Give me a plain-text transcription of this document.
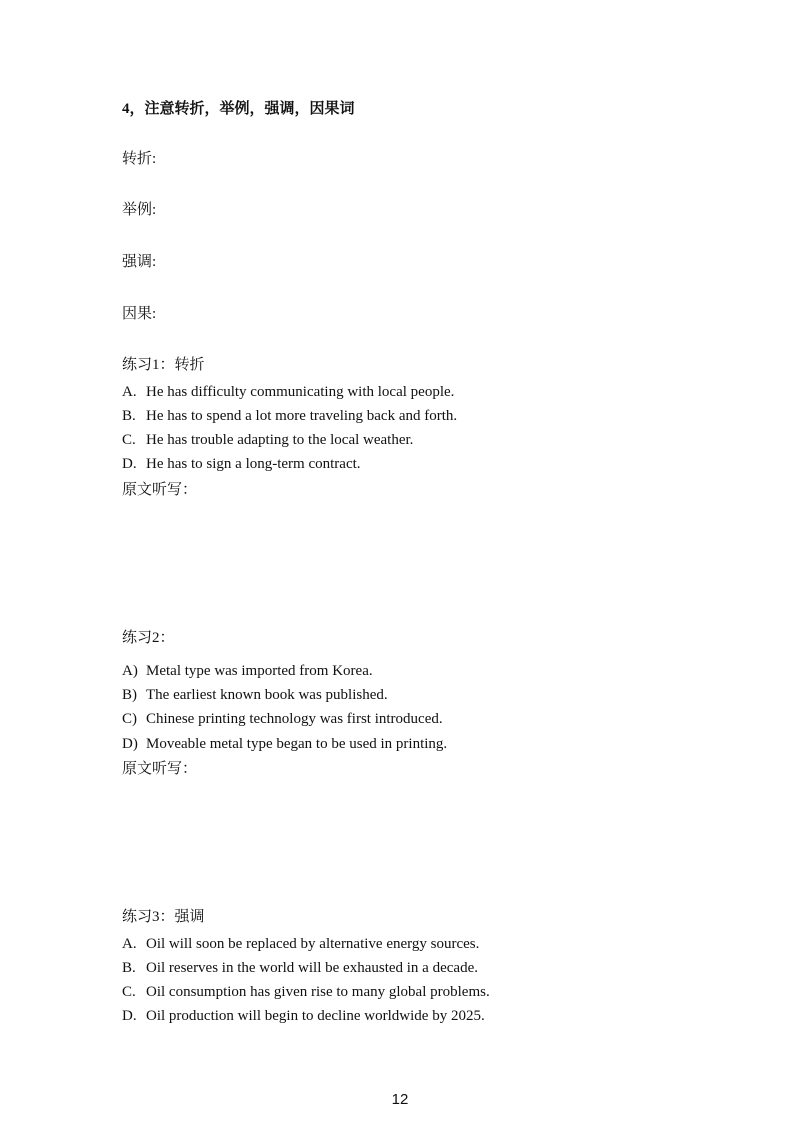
4，注意转折，举例，强调，因果词
转折:
举例:
强调:
因果:
练习1：转折
A. He has difficulty communicating with local people.
B. He has to spend a lot more traveling back and forth.
C. He has trouble adapting to the local weather.
D. He has to sign a long-term contract.
原文听写：
练习2：
A) Metal type was imported from Korea.
B) The earliest known book was published.
C) Chinese printing technology was first introduced.
D) Moveable metal type began to be used in printing.
原文听写：
练习3：强调
A. Oil will soon be replaced by alternative energy sources.
B. Oil reserves in the world will be exhausted in a decade.
C. Oil consumption has given rise to many global problems.
D. Oil production will begin to decline worldwide by 2025.
12
